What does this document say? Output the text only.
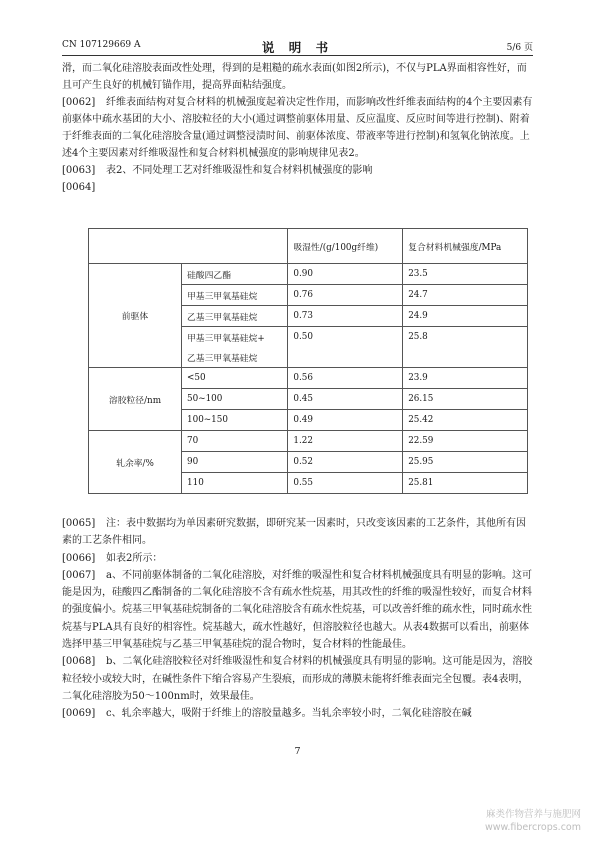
CN 107129669 A	说 明 书	5/6 页

滑，而二氧化硅溶胶表面改性处理，得到的是粗糙的疏水表面(如图2所示)，不仅与PLA界面相容性好，而且可产生良好的机械钉锚作用，提高界面粘结强度。

[0062] 纤维表面结构对复合材料的机械强度起着决定性作用，而影响改性纤维表面结构的4个主要因素有前驱体中疏水基团的大小、溶胶粒径的大小(通过调整前驱体用量、反应温度、反应时间等进行控制)、附着于纤维表面的二氧化硅溶胶含量(通过调整浸渍时间、前驱体浓度、带液率等进行控制)和氢氧化钠浓度。上述4个主要因素对纤维吸湿性和复合材料机械强度的影响规律见表2。

[0063] 表2、不同处理工艺对纤维吸湿性和复合材料机械强度的影响

[0064]

		吸湿性/(g/100g纤维)	复合材料机械强度/MPa
前驱体	硅酸四乙酯	0.90	23.5
	甲基三甲氧基硅烷	0.76	24.7
	乙基三甲氧基硅烷	0.73	24.9
	甲基三甲氧基硅烷+	0.50	25.8
	乙基三甲氧基硅烷		
溶胶粒径/nm	<50	0.56	23.9
	50~100	0.45	26.15
	100~150	0.49	25.42
轧余率/%	70	1.22	22.59
	90	0.52	25.95
	110	0.55	25.81

[0065] 注：表中数据均为单因素研究数据，即研究某一因素时，只改变该因素的工艺条件，其他所有因素的工艺条件相同。

[0066] 如表2所示：

[0067] a、不同前驱体制备的二氧化硅溶胶，对纤维的吸湿性和复合材料机械强度具有明显的影响。这可能是因为，硅酸四乙酯制备的二氧化硅溶胶不含有疏水性烷基，用其改性的纤维的吸湿性较好，而复合材料的强度偏小。烷基三甲氧基硅烷制备的二氧化硅溶胶含有疏水性烷基，可以改善纤维的疏水性，同时疏水性烷基与PLA具有良好的相容性。烷基越大，疏水性越好，但溶胶粒径也越大。从表4数据可以看出，前驱体选择甲基三甲氧基硅烷与乙基三甲氧基硅烷的混合物时，复合材料的性能最佳。

[0068] b、二氧化硅溶胶粒径对纤维吸湿性和复合材料的机械强度具有明显的影响。这可能是因为，溶胶粒径较小或较大时，在碱性条件下缩合容易产生裂痕，而形成的薄膜未能将纤维表面完全包覆。表4表明，二氧化硅溶胶为50～100nm时，效果最佳。

[0069] c、轧余率越大，吸附于纤维上的溶胶量越多。当轧余率较小时，二氧化硅溶胶在碱

7
麻类作物营养与施肥网
www.fibercrops.com
